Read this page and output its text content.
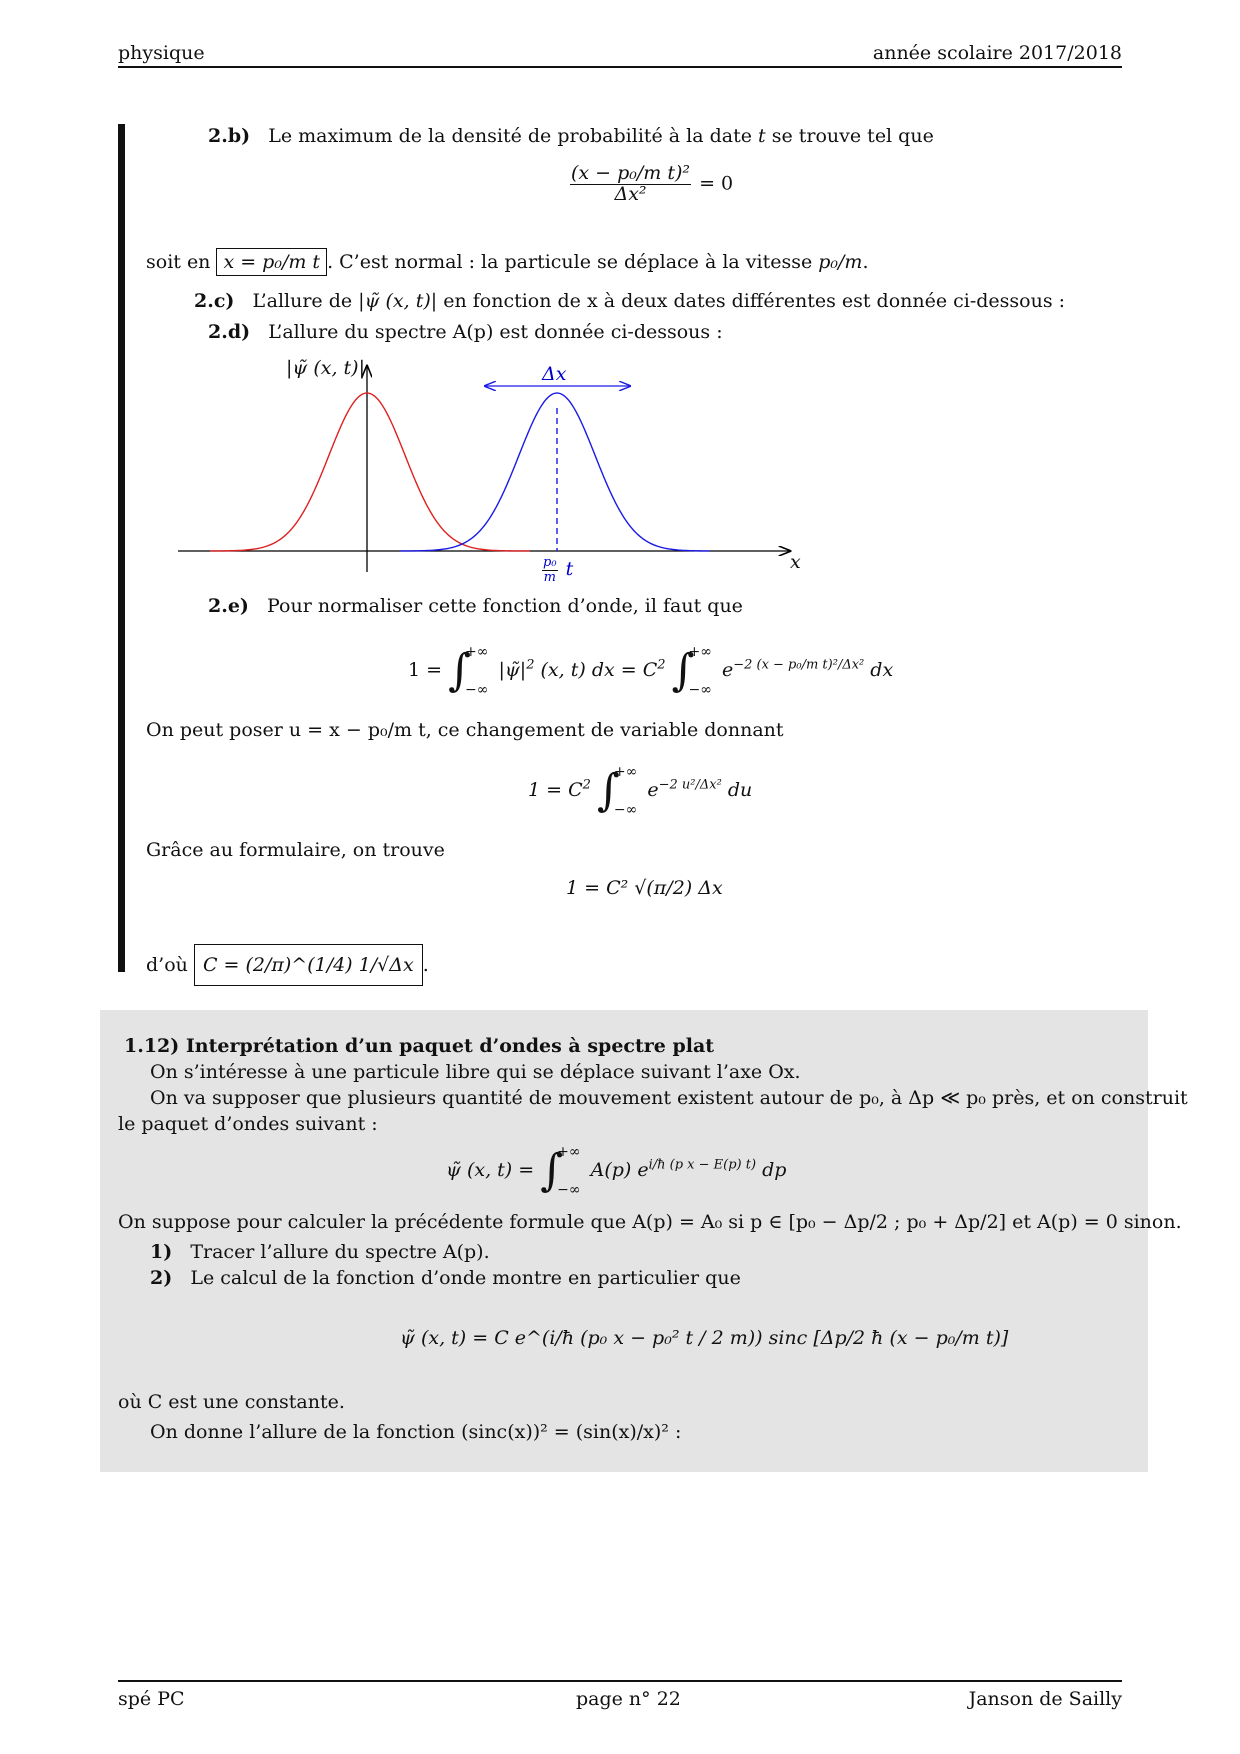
physique	année scolaire 2017/2018
2.b) Le maximum de la densité de probabilité à la date t se trouve tel que
$\frac{\text{(x − p₀/m t)²}}{\text{Δx²}} = 0$
soit en x = p₀/m t . C’est normal : la particule se déplace à la vitesse p₀/m.
2.c) L’allure de |ψ̃ (x, t)| en fonction de x à deux dates différentes est donnée ci-dessous :
2.d) L’allure du spectre A(p) est donnée ci-dessous :
Δx
|ψ̃ (x, t)|
x
$\frac{\text{p₀}}{m}$ t
2.e) Pour normaliser cette fonction d’onde, il faut que
1 = ∫
+∞
−∞
$|\psĩ|^2$ (x, t) dx = $C^2$ ∫
+∞
−∞
$e^{-2 (x - p_0/m t)^2/\Delta x^2}$ dx
On peut poser u = x − p₀/m t, ce changement de variable donnant
$1 = C^2$ ∫
+∞
−∞
$e^{-2 u^2/\Delta x^2}$ du
Grâce au formulaire, on trouve
1 = C² √(π/2) Δx
d’où C = (2/π)^(1/4) 1/√Δx .
1.12) Interprétation d’un paquet d’ondes à spectre plat
On s’intéresse à une particule libre qui se déplace suivant l’axe Ox.
On va supposer que plusieurs quantité de mouvement existent autour de p₀, à Δp ≪ p₀ près, et on construit
le paquet d’ondes suivant :
ψ̃ (x, t) = ∫
+∞
−∞
A(p) $e^{i/ħ (p x - E(p) t)}$ dp
On suppose pour calculer la précédente formule que A(p) = A₀ si p ∈ [p₀ − Δp/2 ; p₀ + Δp/2] et A(p) = 0 sinon.
1) Tracer l’allure du spectre A(p).
2) Le calcul de la fonction d’onde montre en particulier que
ψ̃ (x, t) = C e^(i/ħ (p₀ x − p₀² t / 2 m)) sinc [Δp/2 ħ (x − p₀/m t)]
où C est une constante.
On donne l’allure de la fonction (sinc(x))² = (sin(x)/x)² :
spé PC	page n° 22	Janson de Sailly
